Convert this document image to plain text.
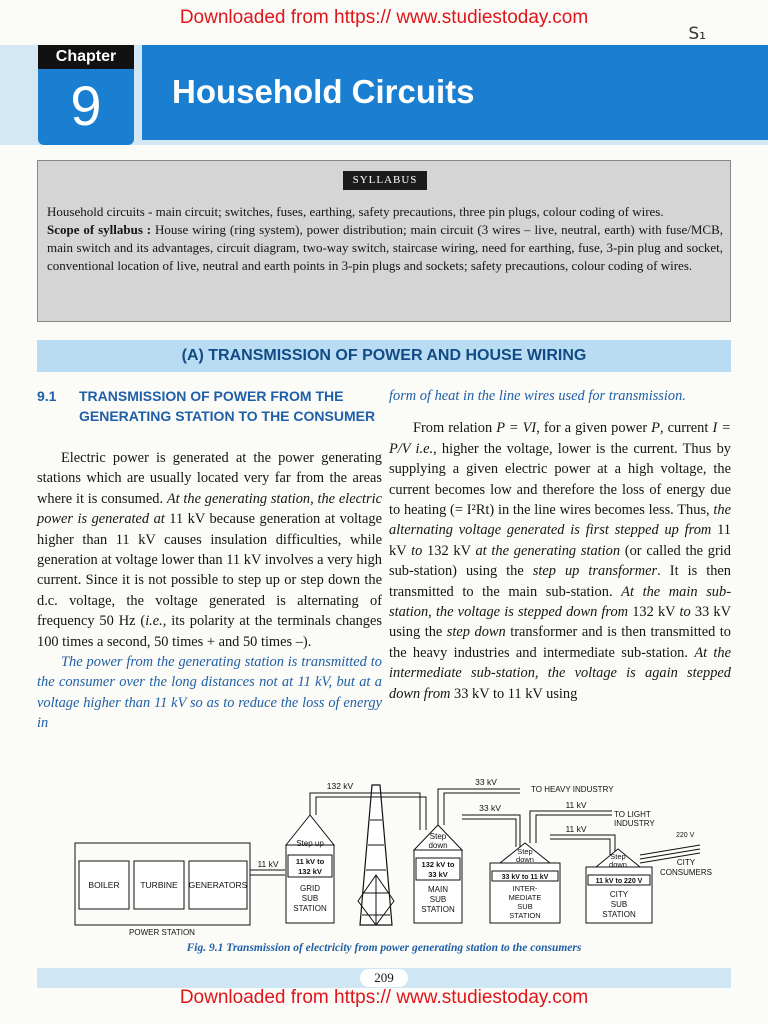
Downloaded from https:// www.studiestoday.com
S₁
Chapter
9	Household Circuits
SYLLABUS

Household circuits - main circuit; switches, fuses, earthing, safety precautions, three pin plugs, colour coding of wires.

Scope of syllabus : House wiring (ring system), power distribution; main circuit (3 wires – live, neutral, earth) with fuse/MCB, main switch and its advantages, circuit diagram, two-way switch, staircase wiring, need for earthing, fuse, 3-pin plug and socket, conventional location of live, neutral and earth points in 3-pin plugs and sockets; safety precautions, colour coding of wires.

(A) TRANSMISSION OF POWER AND HOUSE WIRING
9.1 TRANSMISSION OF POWER FROM THE GENERATING STATION TO THE CONSUMER

Electric power is generated at the power generating stations which are usually located very far from the areas where it is consumed. At the generating station, the electric power is generated at 11 kV because generation at voltage higher than 11 kV causes insulation difficulties, while generation at voltage lower than 11 kV involves a very high current. Since it is not possible to step up or step down the d.c. voltage, the voltage generated is alternating of frequency 50 Hz (i.e., its polarity at the terminals changes 100 times a second, 50 times + and 50 times –).

The power from the generating station is transmitted to the consumer over the long distances not at 11 kV, but at a voltage higher than 11 kV so as to reduce the loss of energy in

form of heat in the line wires used for transmission.

From relation P = VI, for a given power P, current I = P/V i.e., higher the voltage, lower is the current. Thus by supplying a given electric power at a high voltage, the current becomes low and therefore the loss of energy due to heating (= I²Rt) in the line wires becomes less. Thus, the alternating voltage generated is first stepped up from 11 kV to 132 kV at the generating station (or called the grid sub-station) using the step up transformer. It is then transmitted to the main sub-station. At the main sub-station, the voltage is stepped down from 132 kV to 33 kV using the step down transformer and is then transmitted to the heavy industries and intermediate sub-station. At the intermediate sub-station, the voltage is again stepped down from 33 kV to 11 kV using

BOILER TURBINE GENERATORS
POWER STATION
11 kV
132 kV	33 kV
33 kV	11 kV
11 kV
220 V
TO HEAVY INDUSTRY
TO LIGHT
INDUSTRY
CITY
CONSUMERS
Step up
11 kV to
132 kV
GRID
SUB
STATION
Step
down
132 kV to
33 kV
MAIN
SUB
STATION
Step
down
33 kV to 11 kV
INTER-
MEDIATE
SUB
STATION
Step
down
11 kV to 220 V
CITY
SUB
STATION
Fig. 9.1 Transmission of electricity from power generating station to the consumers
209
Downloaded from https:// www.studiestoday.com
